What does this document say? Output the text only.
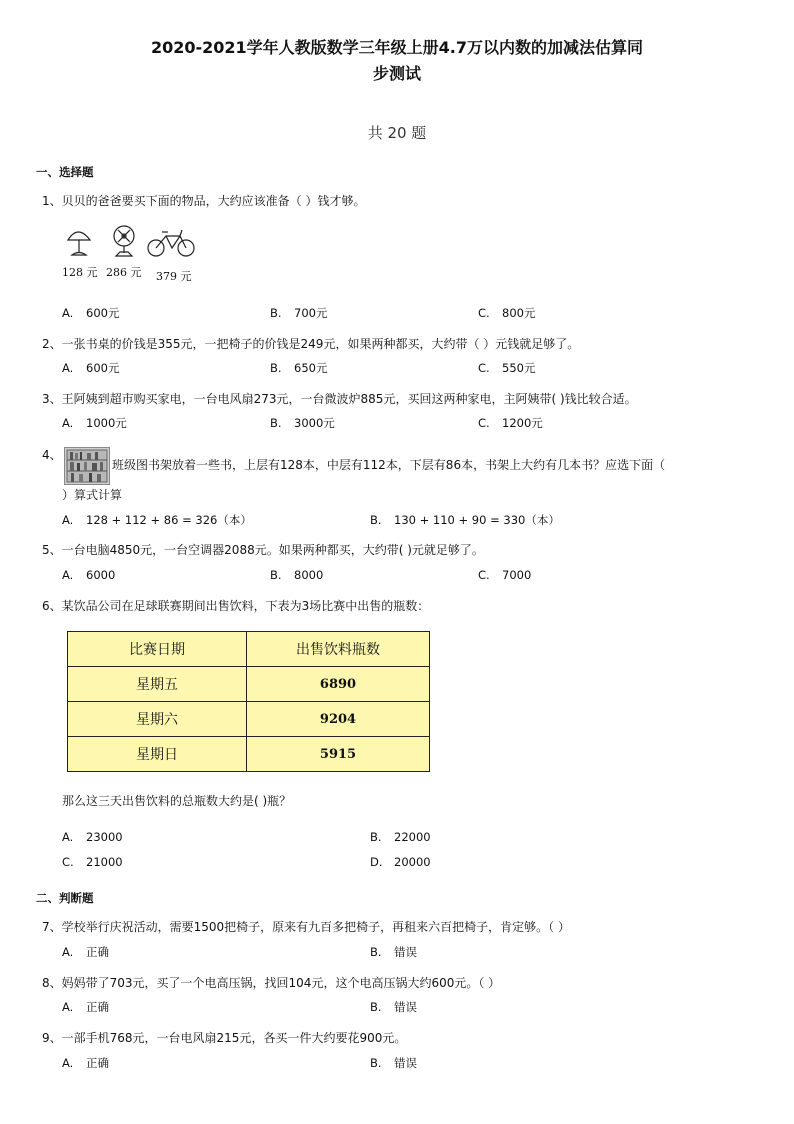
2020-2021学年人教版数学三年级上册4.7万以内数的加减法估算同
步测试
共 20 题
一、选择题
1、贝贝的爸爸要买下面的物品，大约应该准备（ ）钱才够。
128 元 286 元 379 元
A. 600元	B. 700元	C. 800元
2、一张书桌的价钱是355元，一把椅子的价钱是249元，如果两种都买，大约带（ ）元钱就足够了。
A. 600元	B. 650元	C. 550元
3、王阿姨到超市购买家电，一台电风扇273元，一台微波炉885元，买回这两种家电，主阿姨带( )钱比较合适。
A. 1000元	B. 3000元	C. 1200元
4、
班级图书架放着一些书，上层有128本，中层有112本，下层有86本，书架上大约有几本书？应选下面（
）算式计算
A. 128 + 112 + 86 = 326（本）	B. 130 + 110 + 90 = 330（本）
5、一台电脑4850元，一台空调器2088元。如果两种都买，大约带( )元就足够了。
A. 6000	B. 8000	C. 7000
6、某饮品公司在足球联赛期间出售饮料，下表为3场比赛中出售的瓶数：
比赛日期	出售饮料瓶数
星期五	6890
星期六	9204
星期日	5915
那么这三天出售饮料的总瓶数大约是( )瓶？
A. 23000	B. 22000
C. 21000	D. 20000
二、判断题
7、学校举行庆祝活动，需要1500把椅子，原来有九百多把椅子，再租来六百把椅子，肯定够。（ ）
A. 正确	B. 错误
8、妈妈带了703元，买了一个电高压锅，找回104元，这个电高压锅大约600元。（ ）
A. 正确	B. 错误
9、一部手机768元，一台电风扇215元，各买一件大约要花900元。
A. 正确	B. 错误
